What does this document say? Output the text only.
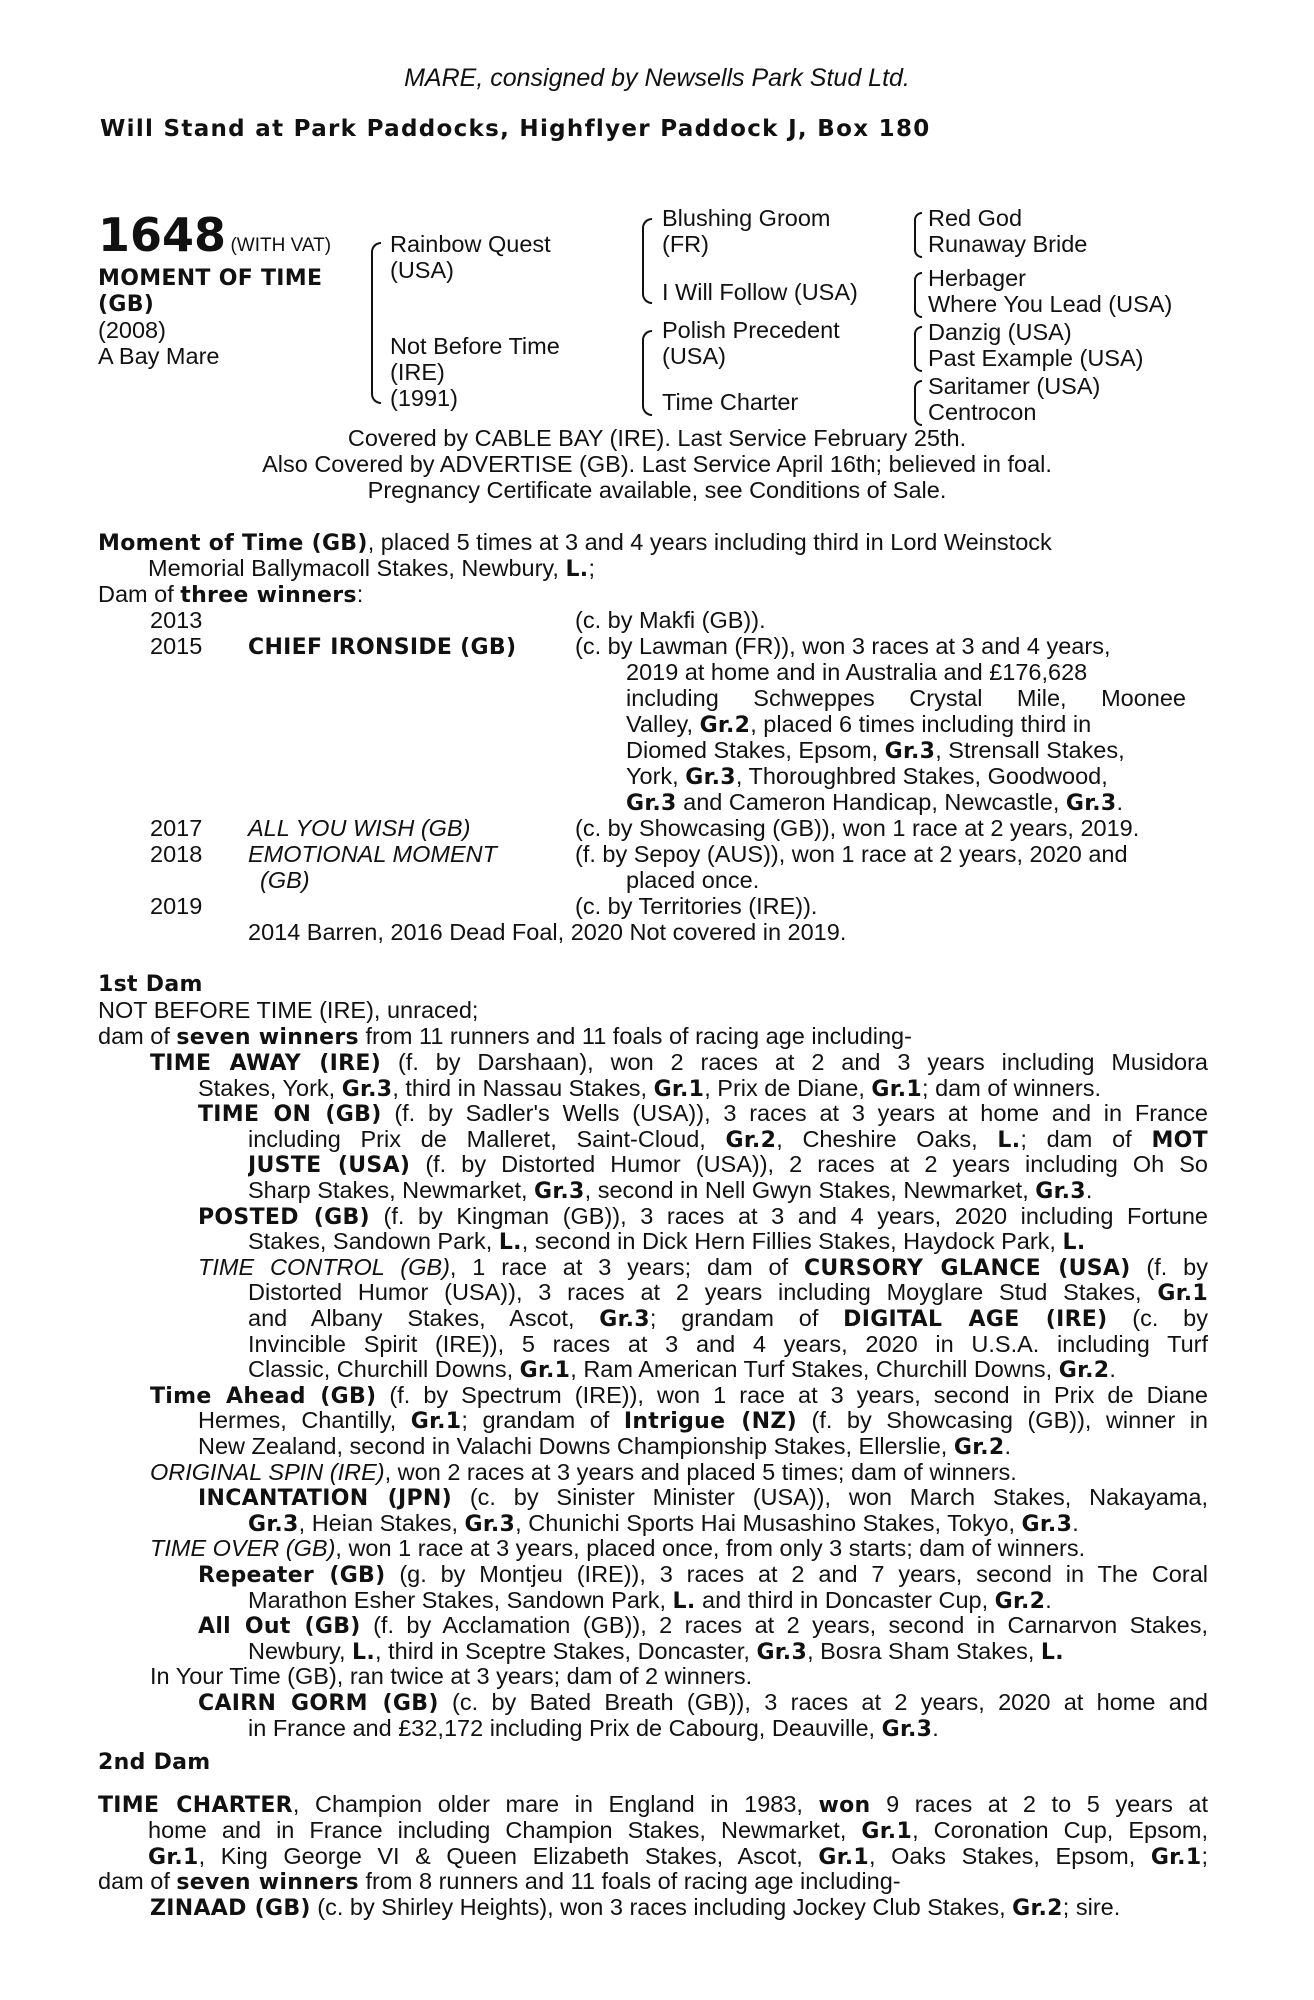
MARE, consigned by Newsells Park Stud Ltd.
Will Stand at Park Paddocks, Highflyer Paddock J, Box 180
1648 (WITH VAT)
MOMENT OF TIME
(GB)
(2008)
A Bay Mare
Rainbow Quest
(USA)
Not Before Time
(IRE)
(1991)
Blushing Groom
(FR)
I Will Follow (USA)
Polish Precedent
(USA)
Time Charter
Red God
Runaway Bride
Herbager
Where You Lead (USA)
Danzig (USA)
Past Example (USA)
Saritamer (USA)
Centrocon
Covered by CABLE BAY (IRE). Last Service February 25th.
Also Covered by ADVERTISE (GB). Last Service April 16th; believed in foal.
Pregnancy Certificate available, see Conditions of Sale.
Moment of Time (GB), placed 5 times at 3 and 4 years including third in Lord Weinstock
Memorial Ballymacoll Stakes, Newbury, L.;
Dam of three winners:
2013	(c. by Makfi (GB)).
2015 CHIEF IRONSIDE (GB) (c. by Lawman (FR)), won 3 races at 3 and 4 years,
2019 at home and in Australia and £176,628
including Schweppes Crystal Mile, Moonee
Valley, Gr.2, placed 6 times including third in
Diomed Stakes, Epsom, Gr.3, Strensall Stakes,
York, Gr.3, Thoroughbred Stakes, Goodwood,
Gr.3 and Cameron Handicap, Newcastle, Gr.3.
2017 ALL YOU WISH (GB)	(c. by Showcasing (GB)), won 1 race at 2 years, 2019.
2018 EMOTIONAL MOMENT
(GB)
(f. by Sepoy (AUS)), won 1 race at 2 years, 2020 and
placed once.
2019	(c. by Territories (IRE)).
2014 Barren, 2016 Dead Foal, 2020 Not covered in 2019.
1st Dam
NOT BEFORE TIME (IRE), unraced;
dam of seven winners from 11 runners and 11 foals of racing age including-
TIME AWAY (IRE) (f. by Darshaan), won 2 races at 2 and 3 years including Musidora
Stakes, York, Gr.3, third in Nassau Stakes, Gr.1, Prix de Diane, Gr.1; dam of winners.
TIME ON (GB) (f. by Sadler's Wells (USA)), 3 races at 3 years at home and in France
including Prix de Malleret, Saint-Cloud, Gr.2, Cheshire Oaks, L.; dam of MOT
JUSTE (USA) (f. by Distorted Humor (USA)), 2 races at 2 years including Oh So
Sharp Stakes, Newmarket, Gr.3, second in Nell Gwyn Stakes, Newmarket, Gr.3.
POSTED (GB) (f. by Kingman (GB)), 3 races at 3 and 4 years, 2020 including Fortune
Stakes, Sandown Park, L., second in Dick Hern Fillies Stakes, Haydock Park, L.
TIME CONTROL (GB), 1 race at 3 years; dam of CURSORY GLANCE (USA) (f. by
Distorted Humor (USA)), 3 races at 2 years including Moyglare Stud Stakes, Gr.1
and Albany Stakes, Ascot, Gr.3; grandam of DIGITAL AGE (IRE) (c. by
Invincible Spirit (IRE)), 5 races at 3 and 4 years, 2020 in U.S.A. including Turf
Classic, Churchill Downs, Gr.1, Ram American Turf Stakes, Churchill Downs, Gr.2.
Time Ahead (GB) (f. by Spectrum (IRE)), won 1 race at 3 years, second in Prix de Diane
Hermes, Chantilly, Gr.1; grandam of Intrigue (NZ) (f. by Showcasing (GB)), winner in
New Zealand, second in Valachi Downs Championship Stakes, Ellerslie, Gr.2.
ORIGINAL SPIN (IRE), won 2 races at 3 years and placed 5 times; dam of winners.
INCANTATION (JPN) (c. by Sinister Minister (USA)), won March Stakes, Nakayama,
Gr.3, Heian Stakes, Gr.3, Chunichi Sports Hai Musashino Stakes, Tokyo, Gr.3.
TIME OVER (GB), won 1 race at 3 years, placed once, from only 3 starts; dam of winners.
Repeater (GB) (g. by Montjeu (IRE)), 3 races at 2 and 7 years, second in The Coral
Marathon Esher Stakes, Sandown Park, L. and third in Doncaster Cup, Gr.2.
All Out (GB) (f. by Acclamation (GB)), 2 races at 2 years, second in Carnarvon Stakes,
Newbury, L., third in Sceptre Stakes, Doncaster, Gr.3, Bosra Sham Stakes, L.
In Your Time (GB), ran twice at 3 years; dam of 2 winners.
CAIRN GORM (GB) (c. by Bated Breath (GB)), 3 races at 2 years, 2020 at home and
in France and £32,172 including Prix de Cabourg, Deauville, Gr.3.
TIME CHARTER, Champion older mare in England in 1983, won 9 races at 2 to 5 years at
home and in France including Champion Stakes, Newmarket, Gr.1, Coronation Cup, Epsom,
Gr.1, King George VI & Queen Elizabeth Stakes, Ascot, Gr.1, Oaks Stakes, Epsom, Gr.1;
dam of seven winners from 8 runners and 11 foals of racing age including-
ZINAAD (GB) (c. by Shirley Heights), won 3 races including Jockey Club Stakes, Gr.2; sire.
2nd Dam
